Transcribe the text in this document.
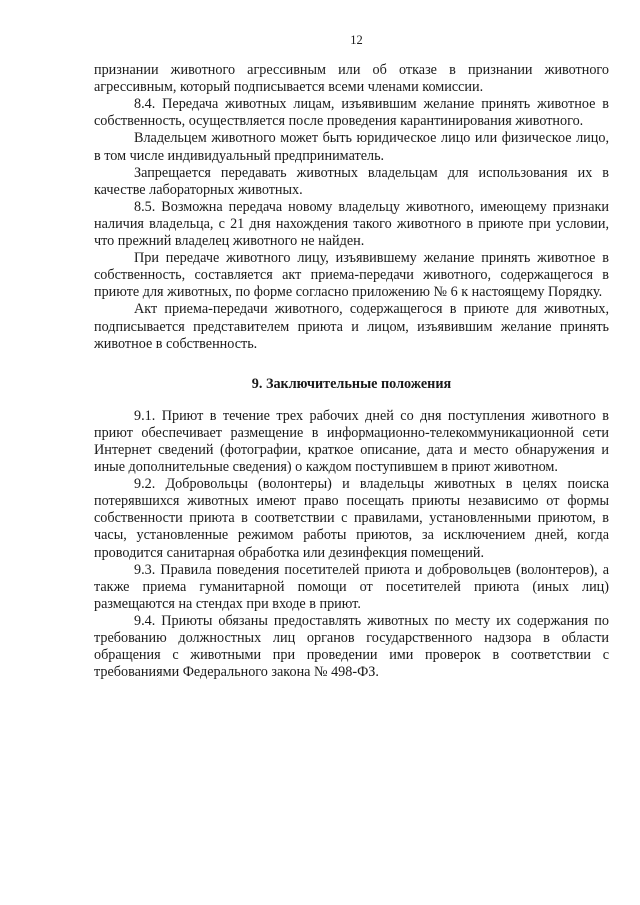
12

признании животного агрессивным или об отказе в признании животного агрессивным, который подписывается всеми членами комиссии.

8.4. Передача животных лицам, изъявившим желание принять животное в собственность, осуществляется после проведения карантинирования животного.

Владельцем животного может быть юридическое лицо или физическое лицо, в том числе индивидуальный предприниматель.

Запрещается передавать животных владельцам для использования их в качестве лабораторных животных.

8.5. Возможна передача новому владельцу животного, имеющему признаки наличия владельца, с 21 дня нахождения такого животного в приюте при условии, что прежний владелец животного не найден.

При передаче животного лицу, изъявившему желание принять животное в собственность, составляется акт приема-передачи животного, содержащегося в приюте для животных, по форме согласно приложению № 6 к настоящему Порядку.

Акт приема-передачи животного, содержащегося в приюте для животных, подписывается представителем приюта и лицом, изъявившим желание принять животное в собственность.

9. Заключительные положения

9.1. Приют в течение трех рабочих дней со дня поступления животного в приют обеспечивает размещение в информационно-телекоммуникационной сети Интернет сведений (фотографии, краткое описание, дата и место обнаружения и иные дополнительные сведения) о каждом поступившем в приют животном.

9.2. Добровольцы (волонтеры) и владельцы животных в целях поиска потерявшихся животных имеют право посещать приюты независимо от формы собственности приюта в соответствии с правилами, установленными приютом, в часы, установленные режимом работы приютов, за исключением дней, когда проводится санитарная обработка или дезинфекция помещений.

9.3. Правила поведения посетителей приюта и добровольцев (волонтеров), а также приема гуманитарной помощи от посетителей приюта (иных лиц) размещаются на стендах при входе в приют.

9.4. Приюты обязаны предоставлять животных по месту их содержания по требованию должностных лиц органов государственного надзора в области обращения с животными при проведении ими проверок в соответствии с требованиями Федерального закона № 498-ФЗ.
